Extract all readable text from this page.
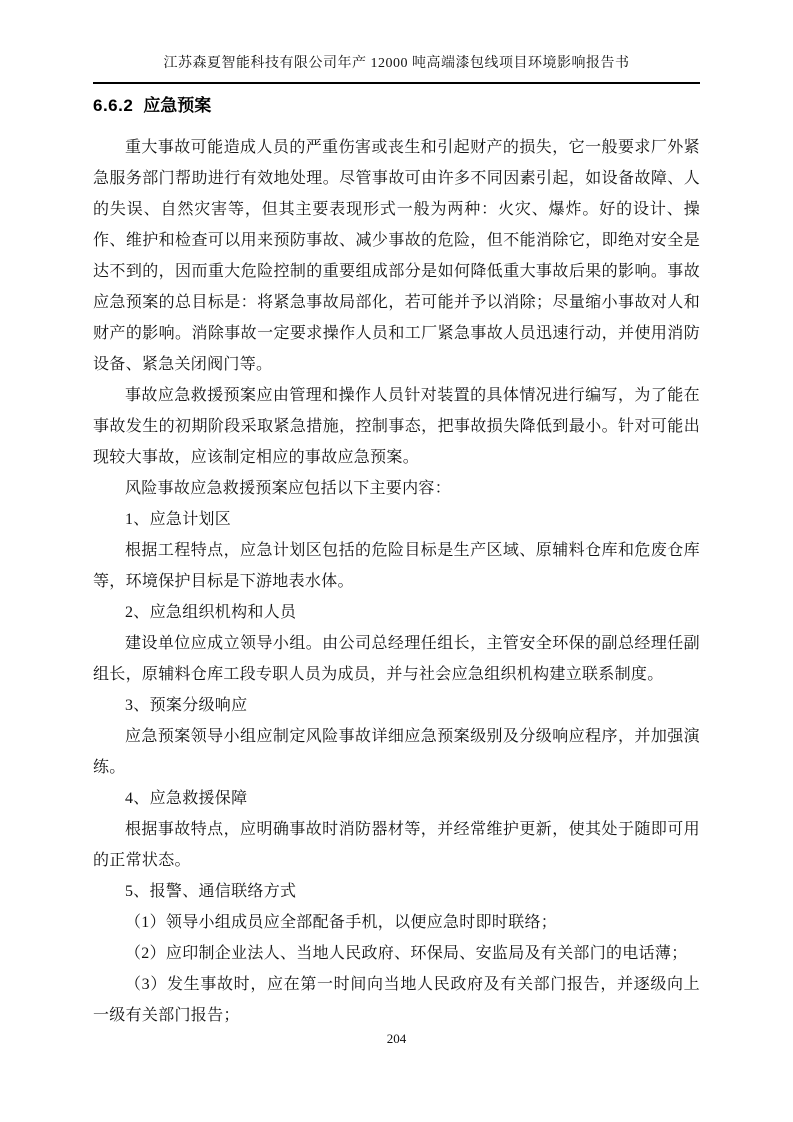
江苏森夏智能科技有限公司年产 12000 吨高端漆包线项目环境影响报告书
6.6.2 应急预案

重大事故可能造成人员的严重伤害或丧生和引起财产的损失，它一般要求厂外紧急服务部门帮助进行有效地处理。尽管事故可由许多不同因素引起，如设备故障、人的失误、自然灾害等，但其主要表现形式一般为两种：火灾、爆炸。好的设计、操作、维护和检查可以用来预防事故、减少事故的危险，但不能消除它，即绝对安全是达不到的，因而重大危险控制的重要组成部分是如何降低重大事故后果的影响。事故应急预案的总目标是：将紧急事故局部化，若可能并予以消除；尽量缩小事故对人和财产的影响。消除事故一定要求操作人员和工厂紧急事故人员迅速行动，并使用消防设备、紧急关闭阀门等。

事故应急救援预案应由管理和操作人员针对装置的具体情况进行编写，为了能在事故发生的初期阶段采取紧急措施，控制事态，把事故损失降低到最小。针对可能出现较大事故，应该制定相应的事故应急预案。

风险事故应急救援预案应包括以下主要内容：

1、应急计划区

根据工程特点，应急计划区包括的危险目标是生产区域、原辅料仓库和危废仓库等，环境保护目标是下游地表水体。

2、应急组织机构和人员

建设单位应成立领导小组。由公司总经理任组长，主管安全环保的副总经理任副组长，原辅料仓库工段专职人员为成员，并与社会应急组织机构建立联系制度。

3、预案分级响应

应急预案领导小组应制定风险事故详细应急预案级别及分级响应程序，并加强演练。

4、应急救援保障

根据事故特点，应明确事故时消防器材等，并经常维护更新，使其处于随即可用的正常状态。

5、报警、通信联络方式

（1）领导小组成员应全部配备手机，以便应急时即时联络；

（2）应印制企业法人、当地人民政府、环保局、安监局及有关部门的电话薄；

（3）发生事故时，应在第一时间向当地人民政府及有关部门报告，并逐级向上一级有关部门报告；

204
